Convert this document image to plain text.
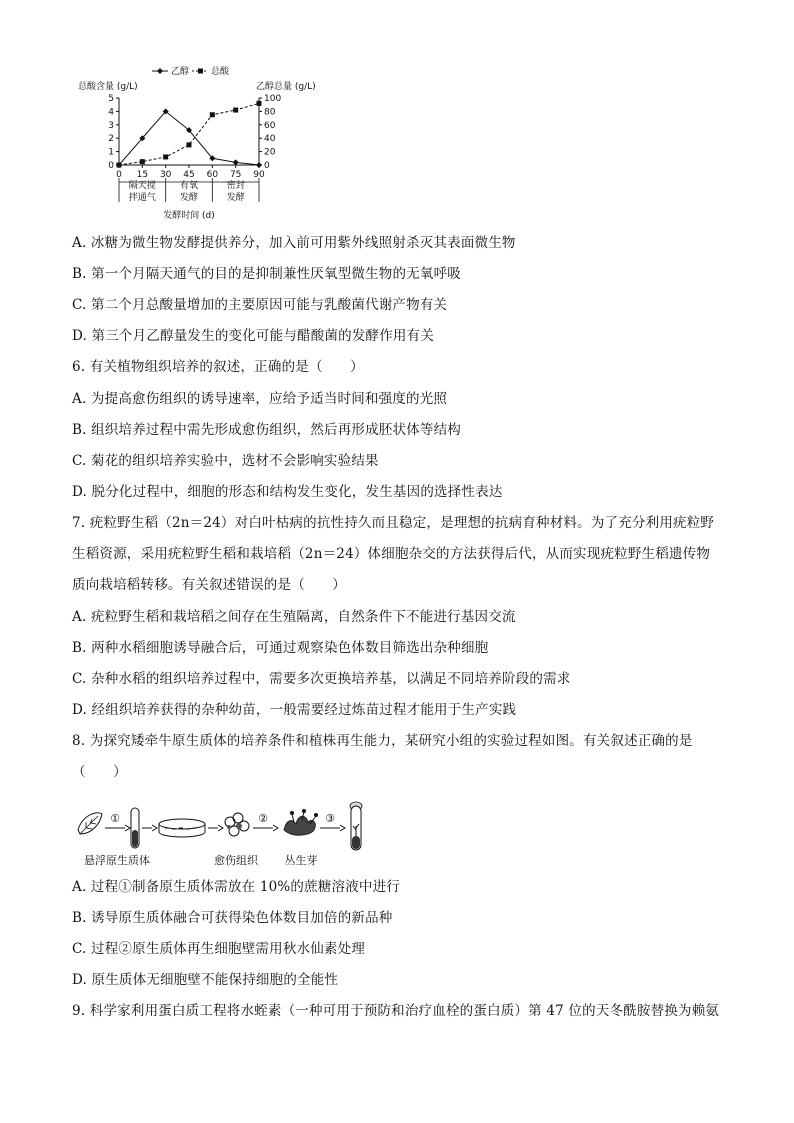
乙醇 总酸
总酸含量 (g/L)	乙醇总量 (g/L)
0
1
2
3
4
5
0
20
40
60
80
100
0 15 30 45 60 75 90
隔天搅
拌通气
有氧
发酵
密封
发酵
发酵时间 (d)
A. 冰糖为微生物发酵提供养分，加入前可用紫外线照射杀灭其表面微生物
B. 第一个月隔天通气的目的是抑制兼性厌氧型微生物的无氧呼吸
C. 第二个月总酸量增加的主要原因可能与乳酸菌代谢产物有关
D. 第三个月乙醇量发生的变化可能与醋酸菌的发酵作用有关
6. 有关植物组织培养的叙述，正确的是（　　）
A. 为提高愈伤组织的诱导速率，应给予适当时间和强度的光照
B. 组织培养过程中需先形成愈伤组织，然后再形成胚状体等结构
C. 菊花的组织培养实验中，选材不会影响实验结果
D. 脱分化过程中，细胞的形态和结构发生变化，发生基因的选择性表达
7. 疣粒野生稻（2n＝24）对白叶枯病的抗性持久而且稳定，是理想的抗病育种材料。为了充分利用疣粒野
生稻资源，采用疣粒野生稻和栽培稻（2n＝24）体细胞杂交的方法获得后代，从而实现疣粒野生稻遗传物
质向栽培稻转移。有关叙述错误的是（　　）
A. 疣粒野生稻和栽培稻之间存在生殖隔离，自然条件下不能进行基因交流
B. 两种水稻细胞诱导融合后，可通过观察染色体数目筛选出杂种细胞
C. 杂种水稻的组织培养过程中，需要多次更换培养基，以满足不同培养阶段的需求
D. 经组织培养获得的杂种幼苗，一般需要经过炼苗过程才能用于生产实践
8. 为探究矮牵牛原生质体的培养条件和植株再生能力，某研究小组的实验过程如图。有关叙述正确的是
（　　）
A. 过程①制备原生质体需放在 10%的蔗糖溶液中进行
B. 诱导原生质体融合可获得染色体数目加倍的新品种
C. 过程②原生质体再生细胞壁需用秋水仙素处理
D. 原生质体无细胞壁不能保持细胞的全能性
9. 科学家利用蛋白质工程将水蛭素（一种可用于预防和治疗血栓的蛋白质）第 47 位的天冬酰胺替换为赖氨
①	②	③
悬浮原生质体	愈伤组织 丛生芽
